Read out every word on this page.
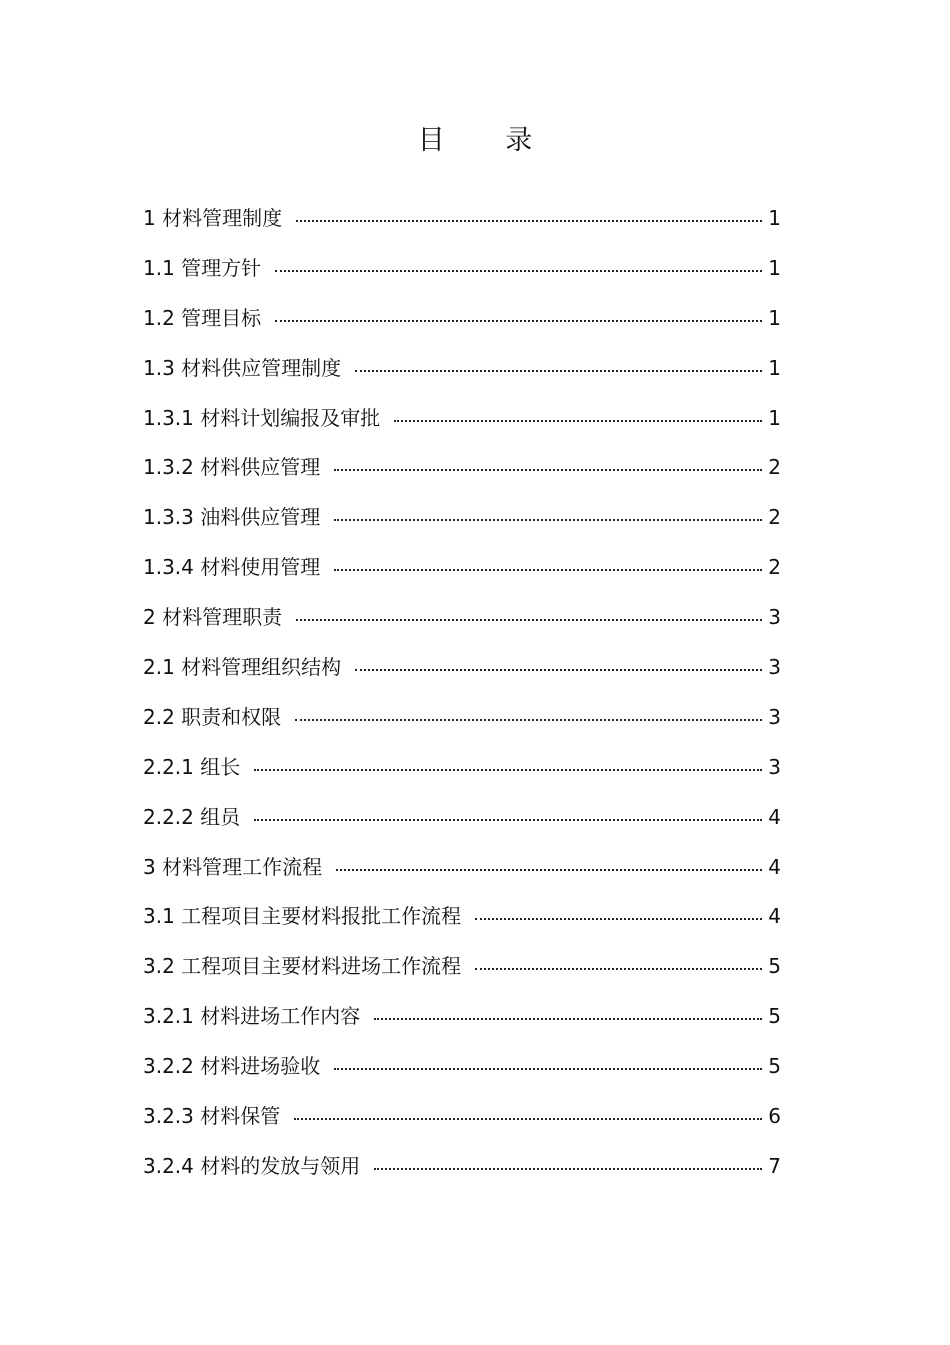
目 录
1 材料管理制度	1
1.1 管理方针	1
1.2 管理目标	1
1.3 材料供应管理制度	1
1.3.1 材料计划编报及审批	1
1.3.2 材料供应管理	2
1.3.3 油料供应管理	2
1.3.4 材料使用管理	2
2 材料管理职责	3
2.1 材料管理组织结构	3
2.2 职责和权限	3
2.2.1 组长	3
2.2.2 组员	4
3 材料管理工作流程	4
3.1 工程项目主要材料报批工作流程	4
3.2 工程项目主要材料进场工作流程	5
3.2.1 材料进场工作内容	5
3.2.2 材料进场验收	5
3.2.3 材料保管	6
3.2.4 材料的发放与领用	7
